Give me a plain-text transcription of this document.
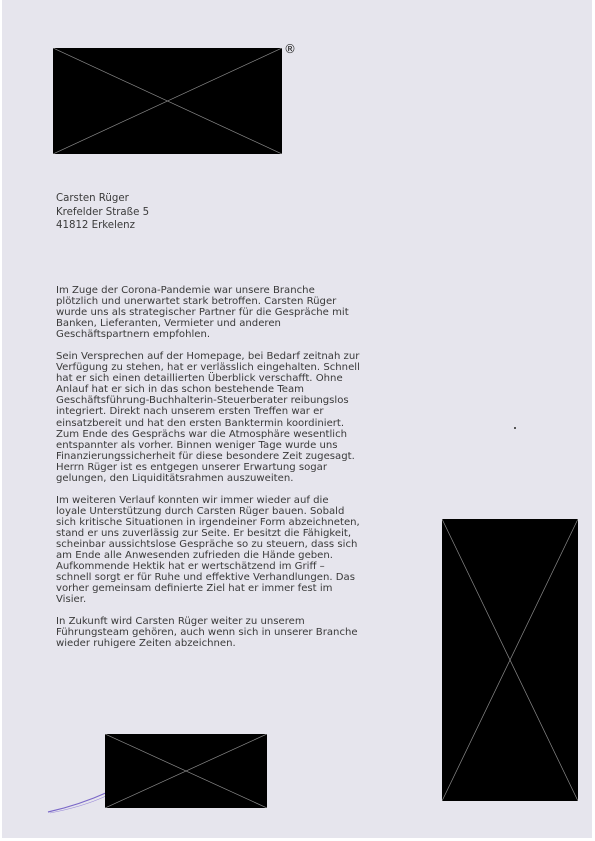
®
Carsten Rüger
Krefelder Straße 5
41812 Erkelenz
Im Zuge der Corona-Pandemie war unsere Branche
plötzlich und unerwartet stark betroffen. Carsten Rüger
wurde uns als strategischer Partner für die Gespräche mit
Banken, Lieferanten, Vermieter und anderen
Geschäftspartnern empfohlen.
Sein Versprechen auf der Homepage, bei Bedarf zeitnah zur
Verfügung zu stehen, hat er verlässlich eingehalten. Schnell
hat er sich einen detaillierten Überblick verschafft. Ohne
Anlauf hat er sich in das schon bestehende Team
Geschäftsführung-Buchhalterin-Steuerberater reibungslos
integriert. Direkt nach unserem ersten Treffen war er
einsatzbereit und hat den ersten Banktermin koordiniert.
Zum Ende des Gesprächs war die Atmosphäre wesentlich
entspannter als vorher. Binnen weniger Tage wurde uns
Finanzierungssicherheit für diese besondere Zeit zugesagt.
Herrn Rüger ist es entgegen unserer Erwartung sogar
gelungen, den Liquiditätsrahmen auszuweiten.
Im weiteren Verlauf konnten wir immer wieder auf die
loyale Unterstützung durch Carsten Rüger bauen. Sobald
sich kritische Situationen in irgendeiner Form abzeichneten,
stand er uns zuverlässig zur Seite. Er besitzt die Fähigkeit,
scheinbar aussichtslose Gespräche so zu steuern, dass sich
am Ende alle Anwesenden zufrieden die Hände geben.
Aufkommende Hektik hat er wertschätzend im Griff –
schnell sorgt er für Ruhe und effektive Verhandlungen. Das
vorher gemeinsam definierte Ziel hat er immer fest im
Visier.
In Zukunft wird Carsten Rüger weiter zu unserem
Führungsteam gehören, auch wenn sich in unserer Branche
wieder ruhigere Zeiten abzeichnen.
